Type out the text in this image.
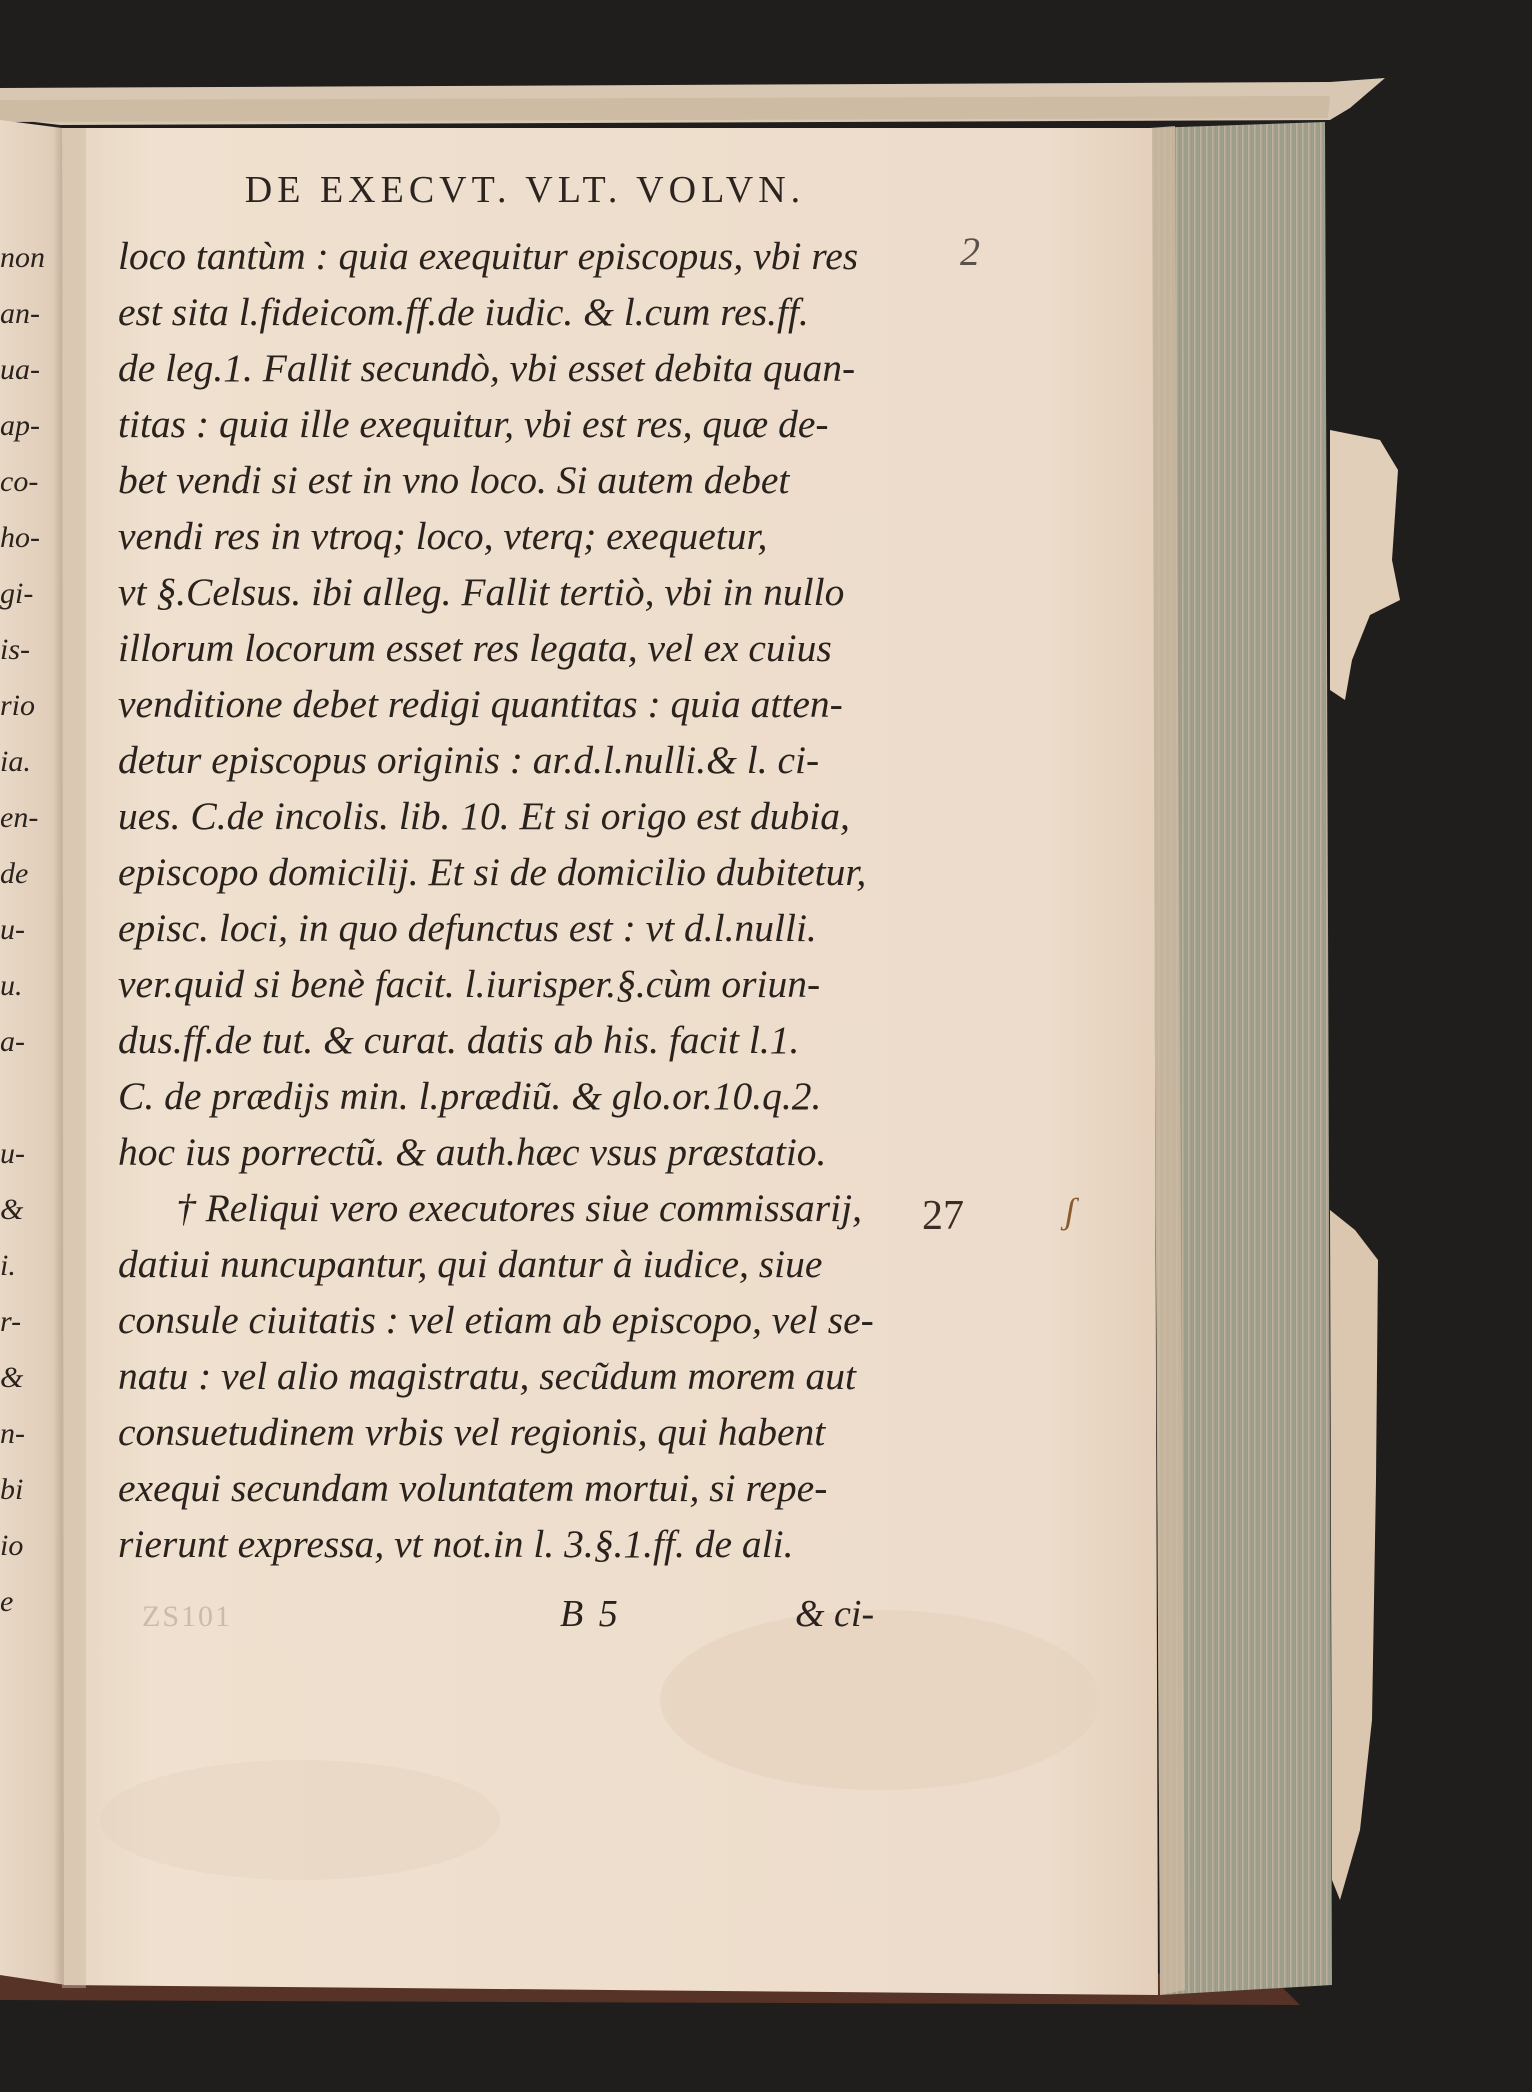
non
an-
ua-
ap-
co-
ho-
gi-
is-
rio
ia.
en-
de
u-
u.
a-
u-
&
i.
r-
&
n-
bi
io
e
DE EXECVT. VLT. VOLVN.
loco tantùm : quia exequitur episcopus, vbi res
est sita l.fideicom.ff.de iudic. & l.cum res.ff.
de leg.1. Fallit secundò, vbi esset debita quan-
titas : quia ille exequitur, vbi est res, quæ de-
bet vendi si est in vno loco. Si autem debet
vendi res in vtroq; loco, vterq; exequetur,
vt §.Celsus. ibi alleg. Fallit tertiò, vbi in nullo
illorum locorum esset res legata, vel ex cuius
venditione debet redigi quantitas : quia atten-
detur episcopus originis : ar.d.l.nulli.& l. ci-
ues. C.de incolis. lib. 10. Et si origo est dubia,
episcopo domicilij. Et si de domicilio dubitetur,
episc. loci, in quo defunctus est : vt d.l.nulli.
ver.quid si benè facit. l.iurisper.§.cùm oriun-
dus.ff.de tut. & curat. datis ab his. facit l.1.
C. de prædijs min. l.prædiũ. & glo.or.10.q.2.
hoc ius porrectũ. & auth.hæc vsus præstatio.
† Reliqui vero executores siue commissarij,
datiui nuncupantur, qui dantur à iudice, siue
consule ciuitatis : vel etiam ab episcopo, vel se-
natu : vel alio magistratu, secũdum morem aut
consuetudinem vrbis vel regionis, qui habent
exequi secundam voluntatem mortui, si repe-
rierunt expressa, vt not.in l. 3.§.1.ff. de ali.
2
27	ʃ
ZS101	B 5	& ci-
